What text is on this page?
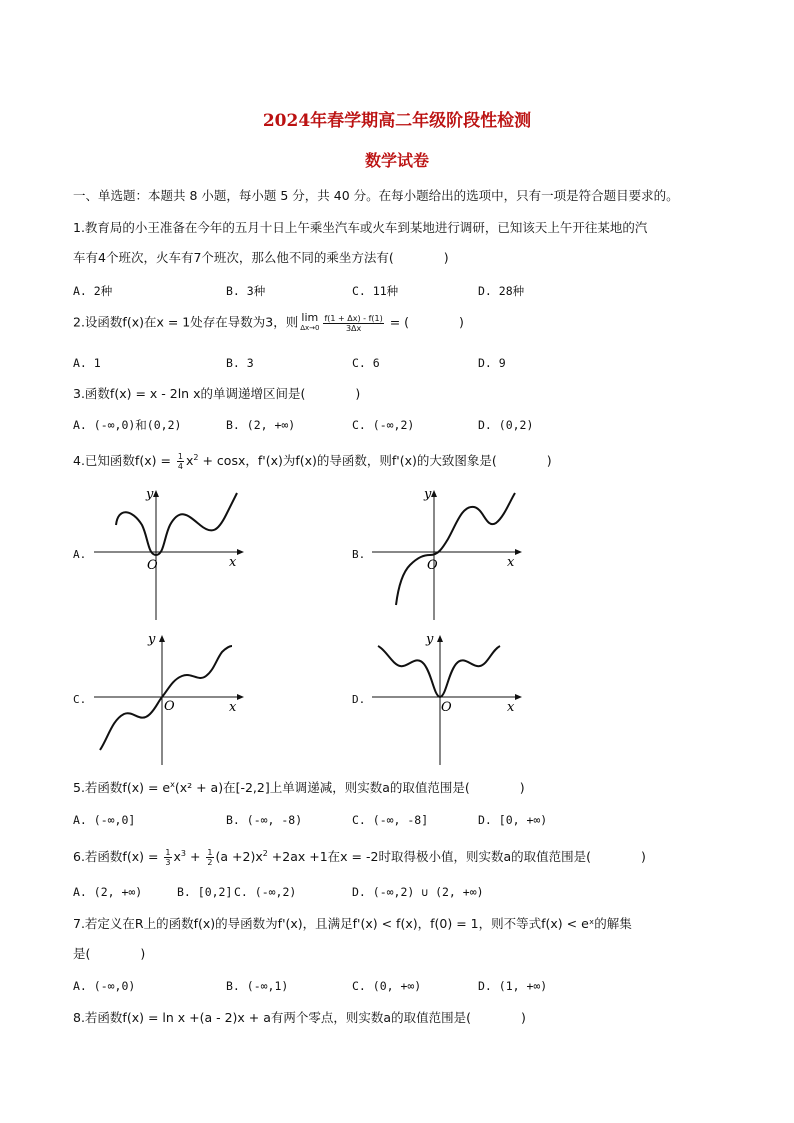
2024年春学期高二年级阶段性检测
数学试卷
一、单选题：本题共 8 小题，每小题 5 分，共 40 分。在每小题给出的选项中，只有一项是符合题目要求的。
1.教育局的小王准备在今年的五月十日上午乘坐汽车或火车到某地进行调研，已知该天上午开往某地的汽
车有4个班次，火车有7个班次，那么他不同的乘坐方法有(　　　　)
A. 2种	B. 3种	C. 11种	D. 28种
2.设函数f(x)在x = 1处存在导数为3，则 lim
$\Delta x\to 0 \frac{f(1 + \Delta x) - f(1)}{3\Delta x}$ = (　　　　)
A. 1	B. 3	C. 6	D. 9
3.函数f(x) = x - 2ln x的单调递增区间是(　　　　)
A. (-∞,0)和(0,2)	B. (2, +∞)	C. (-∞,2)	D. (0,2)
4.已知函数$f(x) = \frac{1}{4} x^2 + \cos x$，f'(x)为f(x)的导函数，则f'(x)的大致图象是(　　　　)
A.	B.
C.	D.
y
O	x
y
O	x
y
O	x
y
O	x
5.若函数$f(x) = e^x(x^2 + a)$在[-2,2]上单调递减，则实数a的取值范围是(　　　　)
A. (-∞,0]	B. (-∞, -8)	C. (-∞, -8]	D. [0, +∞)
6.若函数$f(x) = \frac{1}{3} x^3 + \frac{1}{2} (a +2)x^2 +2ax +1$在x = -2时取得极小值，则实数a的取值范围是(　　　　)
A. (2, +∞)	B. [0,2] C. (-∞,2)	D. (-∞,2) ∪ (2, +∞)
7.若定义在R上的函数f(x)的导函数为f'(x)，且满足f'(x) < f(x)，f(0) = 1，则不等式f(x) < eˣ的解集
是(　　　　)
A. (-∞,0)	B. (-∞,1)	C. (0, +∞)	D. (1, +∞)
8.若函数f(x) = ln x +(a - 2)x + a有两个零点，则实数a的取值范围是(　　　　)
